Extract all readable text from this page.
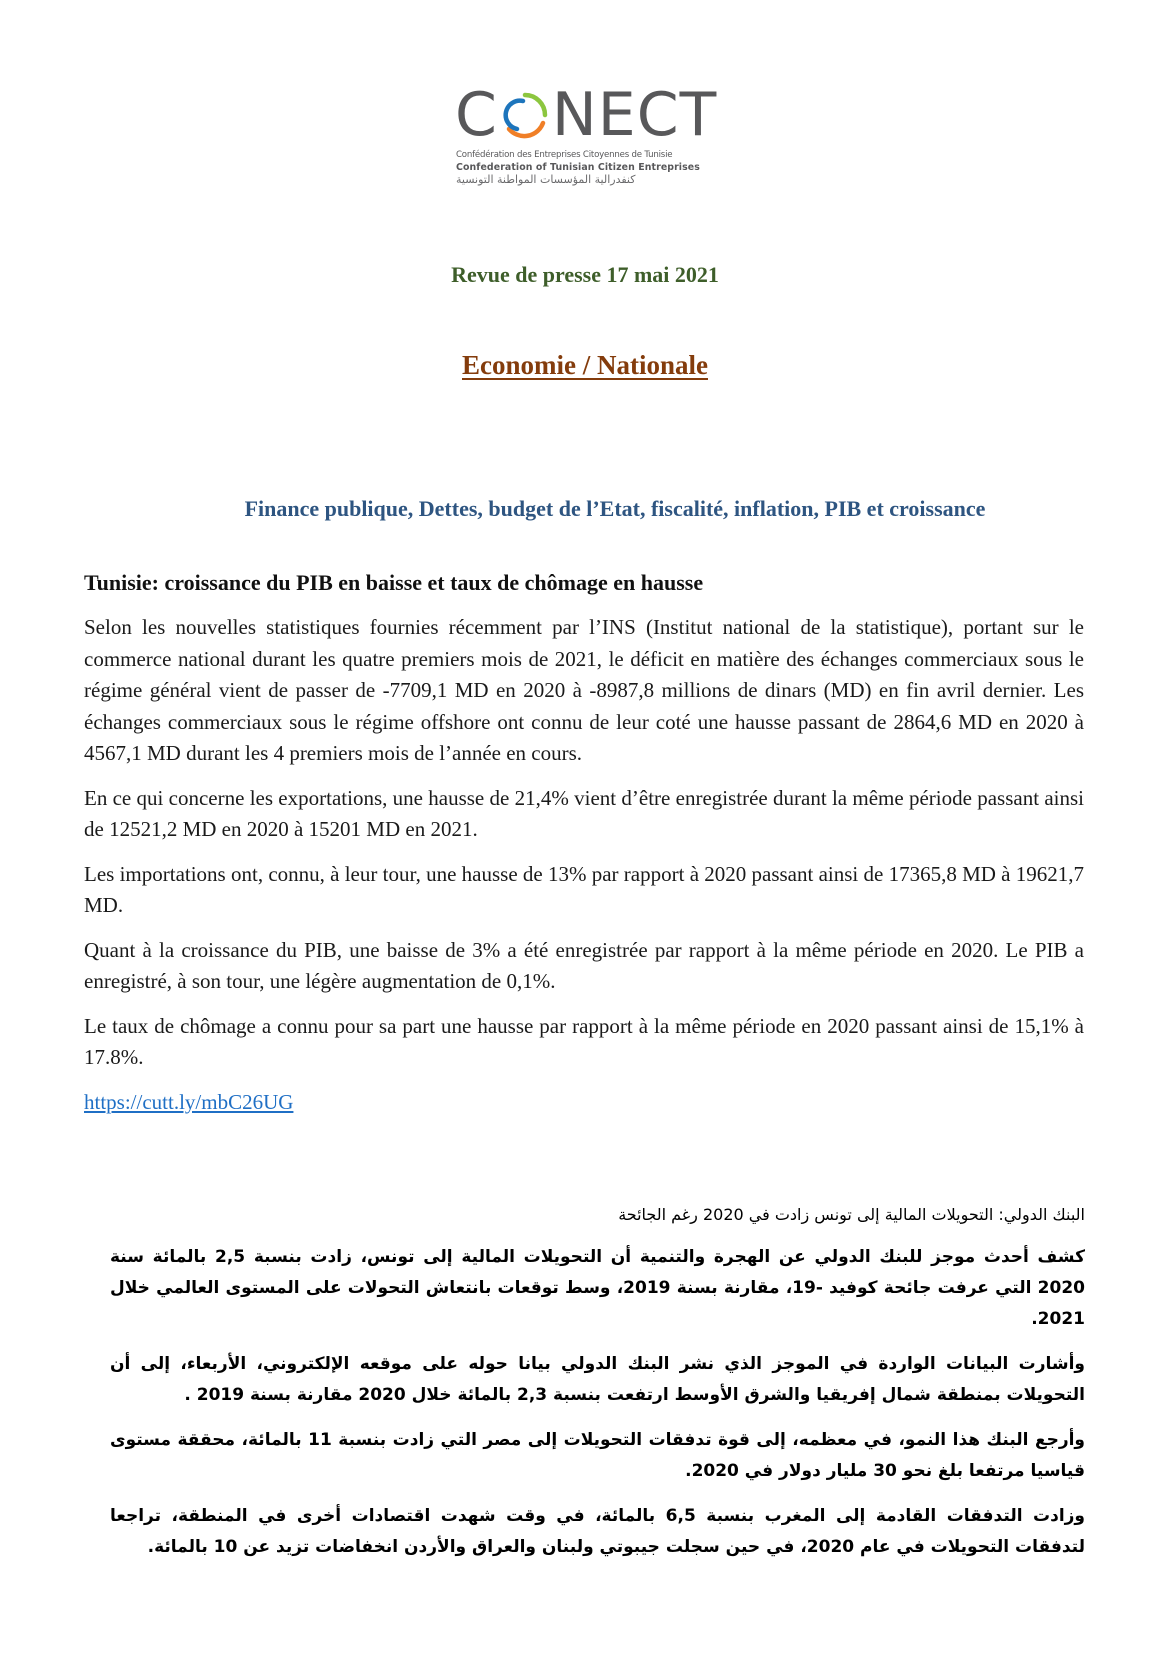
C NECT
Confédération des Entreprises Citoyennes de Tunisie
Confederation of Tunisian Citizen Entreprises
كنفدرالية المؤسسات المواطنة التونسية
Revue de presse 17 mai 2021
Economie / Nationale
Finance publique, Dettes, budget de l’Etat, fiscalité, inflation, PIB et croissance
Tunisie: croissance du PIB en baisse et taux de chômage en hausse

Selon les nouvelles statistiques fournies récemment par l’INS (Institut national de la statistique), portant sur le commerce national durant les quatre premiers mois de 2021, le déficit en matière des échanges commerciaux sous le régime général vient de passer de -7709,1 MD en 2020 à -8987,8 millions de dinars (MD) en fin avril dernier. Les échanges commerciaux sous le régime offshore ont connu de leur coté une hausse passant de 2864,6 MD en 2020 à 4567,1 MD durant les 4 premiers mois de l’année en cours.

En ce qui concerne les exportations, une hausse de 21,4% vient d’être enregistrée durant la même période passant ainsi de 12521,2 MD en 2020 à 15201 MD en 2021.

Les importations ont, connu, à leur tour, une hausse de 13% par rapport à 2020 passant ainsi de 17365,8 MD à 19621,7 MD.

Quant à la croissance du PIB, une baisse de 3% a été enregistrée par rapport à la même période en 2020. Le PIB a enregistré, à son tour, une légère augmentation de 0,1%.

Le taux de chômage a connu pour sa part une hausse par rapport à la même période en 2020 passant ainsi de 15,1% à 17.8%.

https://cutt.ly/mbC26UG

البنك الدولي: التحويلات المالية إلى تونس زادت في 2020 رغم الجائحة

كشف أحدث موجز للبنك الدولي عن الهجرة والتنمية أن التحويلات المالية إلى تونس، زادت بنسبة 2,5 بالمائة سنة 2020 التي عرفت جائحة كوفيد -19، مقارنة بسنة 2019، وسط توقعات بانتعاش التحولات على المستوى العالمي خلال 2021.

وأشارت البيانات الواردة في الموجز الذي نشر البنك الدولي بيانا حوله على موقعه الإلكتروني، الأربعاء، إلى أن التحويلات بمنطقة شمال إفريقيا والشرق الأوسط ارتفعت بنسبة 2,3 بالمائة خلال 2020 مقارنة بسنة 2019 .

وأرجع البنك هذا النمو، في معظمه، إلى قوة تدفقات التحويلات إلى مصر التي زادت بنسبة 11 بالمائة، محققة مستوى قياسيا مرتفعا بلغ نحو 30 مليار دولار في 2020.

وزادت التدفقات القادمة إلى المغرب بنسبة 6,5 بالمائة، في وقت شهدت اقتصادات أخرى في المنطقة، تراجعا لتدفقات التحويلات في عام 2020، في حين سجلت جيبوتي ولبنان والعراق والأردن انخفاضات تزيد عن 10 بالمائة.
